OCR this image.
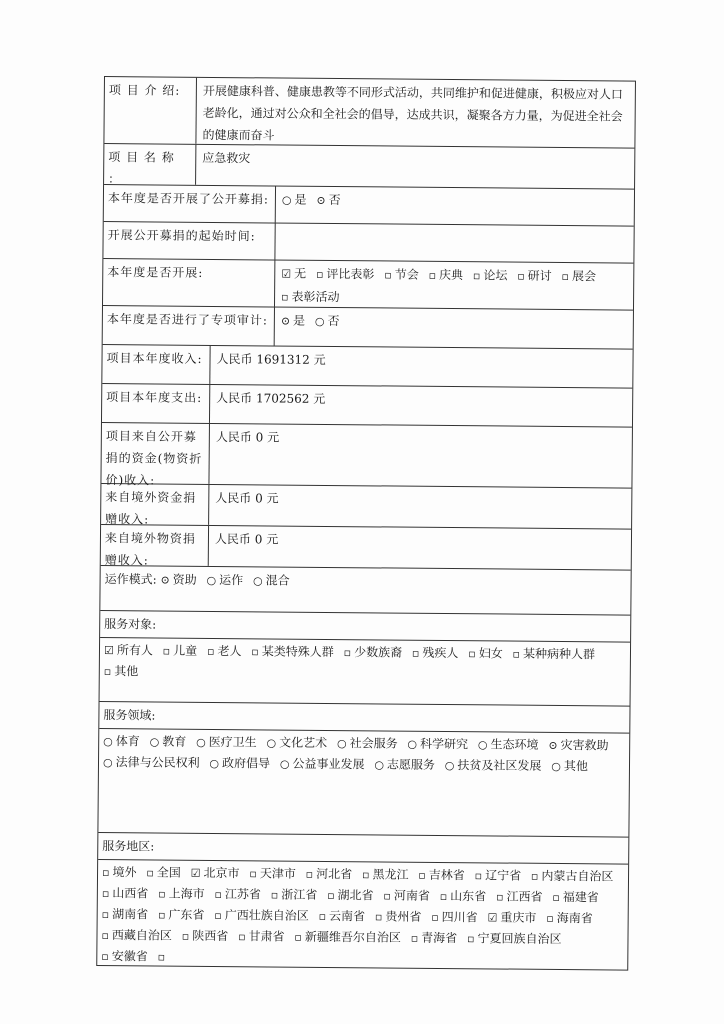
项 目 介 绍:	开展健康科普、健康患教等不同形式活动，共同维护和促进健康，积极应对人口老龄化，通过对公众和全社会的倡导，达成共识，凝聚各方力量，为促进全社会的健康而奋斗
项 目 名 称 ：
应急救灾
本年度是否开展了公开募捐:	○ 是 ⊙ 否
开展公开募捐的起始时间:
本年度是否开展:	☑ 无 ▫ 评比表彰 ▫ 节会 ▫ 庆典 ▫ 论坛 ▫ 研讨 ▫ 展会 ▫ 表彰活动
本年度是否进行了专项审计:	⊙ 是 ○ 否
项目本年度收入:	人民币 1691312 元
项目本年度支出:	人民币 1702562 元
项目来自公开募捐的资金(物资折价)收入:
人民币 0 元
来自境外资金捐赠收入:
人民币 0 元
来自境外物资捐赠收入:
人民币 0 元
运作模式: ⊙ 资助 ○ 运作 ○ 混合
服务对象:
☑ 所有人 ▫ 儿童 ▫ 老人 ▫ 某类特殊人群 ▫ 少数族裔 ▫ 残疾人 ▫ 妇女 ▫ 某种病种人群 ▫ 其他
服务领域:
○ 体育 ○ 教育 ○ 医疗卫生 ○ 文化艺术 ○ 社会服务 ○ 科学研究 ○ 生态环境 ⊙ 灾害救助 ○ 法律与公民权利 ○ 政府倡导 ○ 公益事业发展 ○ 志愿服务 ○ 扶贫及社区发展 ○ 其他
服务地区:
▫ 境外 ▫ 全国 ☑ 北京市 ▫ 天津市 ▫ 河北省 ▫ 黑龙江 ▫ 吉林省 ▫ 辽宁省 ▫ 内蒙古自治区 ▫ 山西省 ▫ 上海市 ▫ 江苏省 ▫ 浙江省 ▫ 湖北省 ▫ 河南省 ▫ 山东省 ▫ 江西省 ▫ 福建省 ▫ 湖南省 ▫ 广东省 ▫ 广西壮族自治区 ▫ 云南省 ▫ 贵州省 ▫ 四川省 ☑ 重庆市 ▫ 海南省 ▫ 西藏自治区 ▫ 陕西省 ▫ 甘肃省 ▫ 新疆维吾尔自治区 ▫ 青海省 ▫ 宁夏回族自治区 ▫ 安徽省 ▫
